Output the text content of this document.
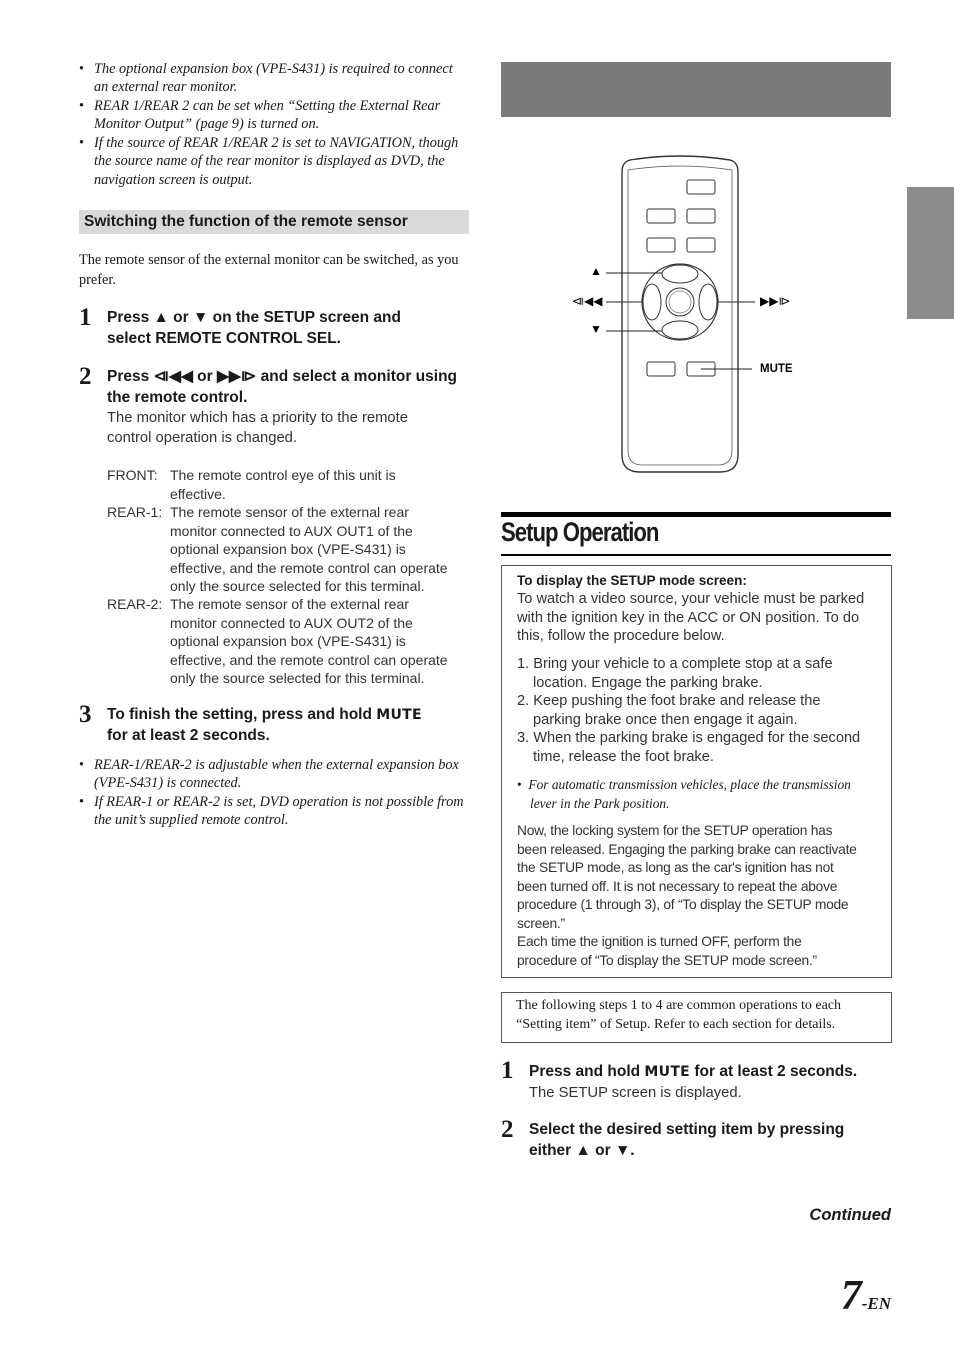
• The optional expansion box (VPE-S431) is required to connect an external rear monitor.
• REAR 1/REAR 2 can be set when “Setting the External Rear Monitor Output” (page 9) is turned on.
• If the source of REAR 1/REAR 2 is set to NAVIGATION, though the source name of the rear monitor is displayed as DVD, the navigation screen is output.
Switching the function of the remote sensor
The remote sensor of the external monitor can be switched, as you prefer.
1 Press ▲ or ▼ on the SETUP screen and
select REMOTE CONTROL SEL.
2 Press ⧏◀◀ or ▶▶⧐ and select a monitor using
the remote control.
The monitor which has a priority to the remote
control operation is changed.
FRONT: The remote control eye of this unit is
effective.
REAR-1: The remote sensor of the external rear
monitor connected to AUX OUT1 of the
optional expansion box (VPE-S431) is
effective, and the remote control can operate
only the source selected for this terminal.
REAR-2: The remote sensor of the external rear
monitor connected to AUX OUT2 of the
optional expansion box (VPE-S431) is
effective, and the remote control can operate
only the source selected for this terminal.
3 To finish the setting, press and hold MUTE
for at least 2 seconds.
• REAR-1/REAR-2 is adjustable when the external expansion box (VPE-S431) is connected.
• If REAR-1 or REAR-2 is set, DVD operation is not possible from the unit’s supplied remote control.
▲
▼
⧏◀◀	▶▶⧐
MUTE
Setup Operation
To display the SETUP mode screen:
To watch a video source, your vehicle must be parked
with the ignition key in the ACC or ON position. To do
this, follow the procedure below.
1. Bring your vehicle to a complete stop at a safe
location. Engage the parking brake.
2. Keep pushing the foot brake and release the
parking brake once then engage it again.
3. When the parking brake is engaged for the second
time, release the foot brake.
•  For automatic transmission vehicles, place the transmission
lever in the Park position.
Now, the locking system for the SETUP operation has
been released. Engaging the parking brake can reactivate
the SETUP mode, as long as the car's ignition has not
been turned off. It is not necessary to repeat the above
procedure (1 through 3), of “To display the SETUP mode
screen.”
Each time the ignition is turned OFF, perform the
procedure of “To display the SETUP mode screen.”
The following steps 1 to 4 are common operations to each
“Setting item” of Setup. Refer to each section for details.
1 Press and hold MUTE for at least 2 seconds.
The SETUP screen is displayed.
2 Select the desired setting item by pressing
either ▲ or ▼.
Continued
7-EN
